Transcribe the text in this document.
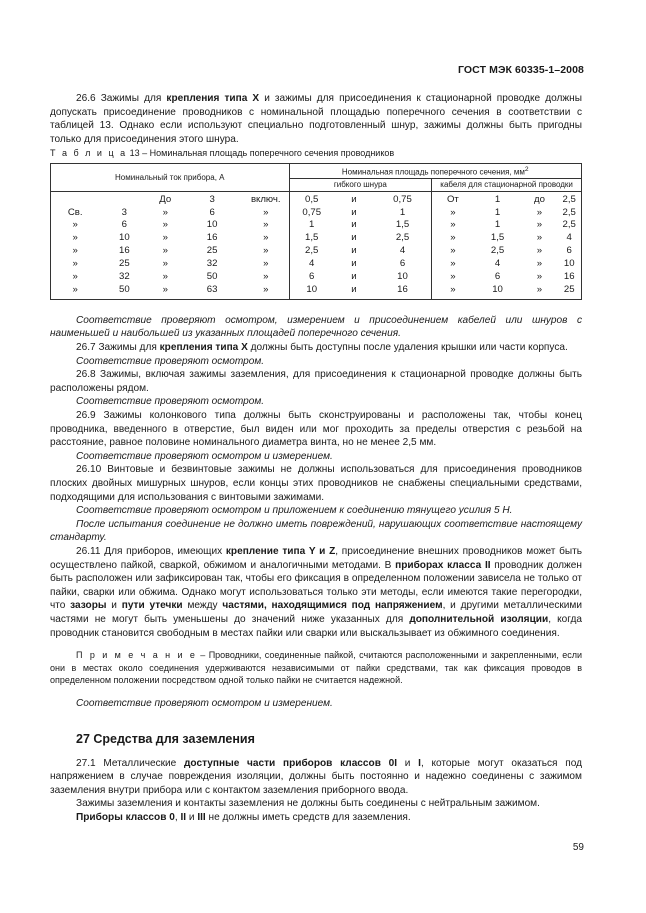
ГОСТ МЭК 60335-1–2008

26.6 Зажимы для крепления типа X и зажимы для присоединения к стационарной проводке должны допускать присоединение проводников с номинальной площадью поперечного сечения в соответствии с таблицей 13. Однако если используют специально подготовленный шнур, зажимы должны быть пригодны только для присоединения этого шнура.

Т а б л и ц а 13 – Номинальная площадь поперечного сечения проводников
Номинальный ток прибора, А					Номинальная площадь поперечного сечения, $мм^2$
					гибкого шнура			кабеля для стационарной проводки			
		До	3	включ.	0,5	и	0,75	От	1	до	2,5
Св.	3	»	6	»	0,75	и	1	»	1	»	2,5
»	6	»	10	»	1	и	1,5	»	1	»	2,5
»	10	»	16	»	1,5	и	2,5	»	1,5	»	4
»	16	»	25	»	2,5	и	4	»	2,5	»	6
»	25	»	32	»	4	и	6	»	4	»	10
»	32	»	50	»	6	и	10	»	6	»	16
»	50	»	63	»	10	и	16	»	10	»	25

Соответствие проверяют осмотром, измерением и присоединением кабелей или шнуров с наименьшей и наибольшей из указанных площадей поперечного сечения.

26.7 Зажимы для крепления типа X должны быть доступны после удаления крышки или части корпуса.

Соответствие проверяют осмотром.

26.8 Зажимы, включая зажимы заземления, для присоединения к стационарной проводке должны быть расположены рядом.

Соответствие проверяют осмотром.

26.9 Зажимы колонкового типа должны быть сконструированы и расположены так, чтобы конец проводника, введенного в отверстие, был виден или мог проходить за пределы отверстия с резьбой на расстояние, равное половине номинального диаметра винта, но не менее 2,5 мм.

Соответствие проверяют осмотром и измерением.

26.10 Винтовые и безвинтовые зажимы не должны использоваться для присоединения проводников плоских двойных мишурных шнуров, если концы этих проводников не снабжены специальными средствами, подходящими для использования с винтовыми зажимами.

Соответствие проверяют осмотром и приложением к соединению тянущего усилия 5 Н.

После испытания соединение не должно иметь повреждений, нарушающих соответствие настоящему стандарту.

26.11 Для приборов, имеющих крепление типа Y и Z, присоединение внешних проводников может быть осуществлено пайкой, сваркой, обжимом и аналогичными методами. В приборах класса II проводник должен быть расположен или зафиксирован так, чтобы его фиксация в определенном положении зависела не только от пайки, сварки или обжима. Однако могут использоваться только эти методы, если имеются такие перегородки, что зазоры и пути утечки между частями, находящимися под напряжением, и другими металлическими частями не могут быть уменьшены до значений ниже указанных для дополнительной изоляции, когда проводник становится свободным в местах пайки или сварки или выскальзывает из обжимного соединения.

П р и м е ч а н и е – Проводники, соединенные пайкой, считаются расположенными и закрепленными, если они в местах около соединения удерживаются независимыми от пайки средствами, так как фиксация проводов в определенном положении посредством одной только пайки не считается надежной.

Соответствие проверяют осмотром и измерением.

27 Средства для заземления

27.1 Металлические доступные части приборов классов 0I и I, которые могут оказаться под напряжением в случае повреждения изоляции, должны быть постоянно и надежно соединены с зажимом заземления внутри прибора или с контактом заземления приборного ввода.

Зажимы заземления и контакты заземления не должны быть соединены с нейтральным зажимом.

Приборы классов 0, II и III не должны иметь средств для заземления.

59
